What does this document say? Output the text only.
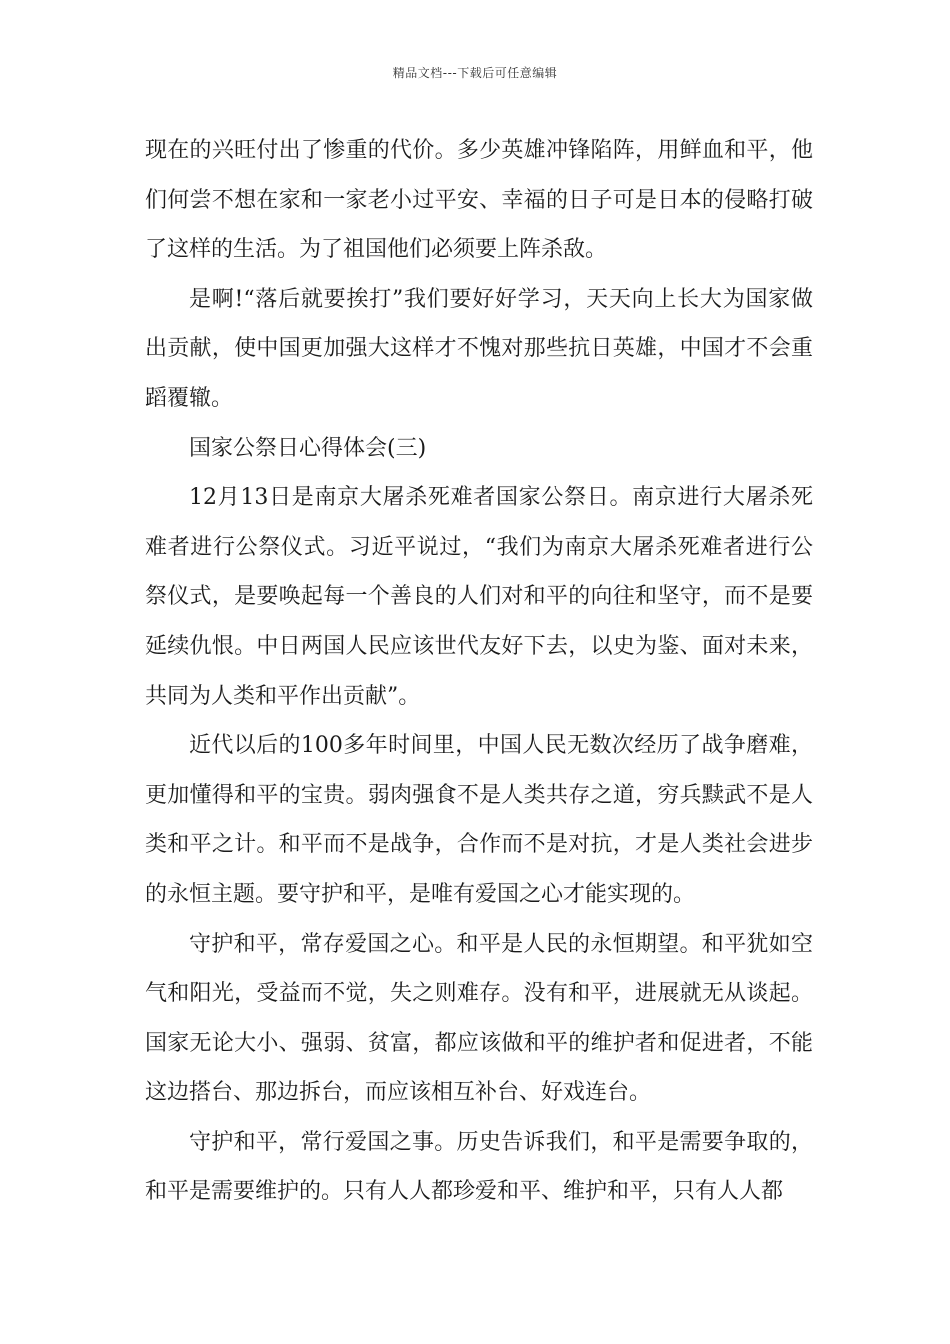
精品文档---下载后可任意编辑

现在的兴旺付出了惨重的代价。多少英雄冲锋陷阵，用鲜血和平，他们何尝不想在家和一家老小过平安、幸福的日子可是日本的侵略打破了这样的生活。为了祖国他们必须要上阵杀敌。

是啊!“落后就要挨打”我们要好好学习，天天向上长大为国家做出贡献，使中国更加强大这样才不愧对那些抗日英雄，中国才不会重蹈覆辙。

国家公祭日心得体会(三)

12月13日是南京大屠杀死难者国家公祭日。南京进行大屠杀死难者进行公祭仪式。习近平说过，“我们为南京大屠杀死难者进行公祭仪式，是要唤起每一个善良的人们对和平的向往和坚守，而不是要延续仇恨。中日两国人民应该世代友好下去，以史为鉴、面对未来，共同为人类和平作出贡献”。

近代以后的100多年时间里，中国人民无数次经历了战争磨难，更加懂得和平的宝贵。弱肉强食不是人类共存之道，穷兵黩武不是人类和平之计。和平而不是战争，合作而不是对抗，才是人类社会进步的永恒主题。要守护和平，是唯有爱国之心才能实现的。

守护和平，常存爱国之心。和平是人民的永恒期望。和平犹如空气和阳光，受益而不觉，失之则难存。没有和平，进展就无从谈起。国家无论大小、强弱、贫富，都应该做和平的维护者和促进者，不能这边搭台、那边拆台，而应该相互补台、好戏连台。

守护和平，常行爱国之事。历史告诉我们，和平是需要争取的，和平是需要维护的。只有人人都珍爱和平、维护和平，只有人人都
